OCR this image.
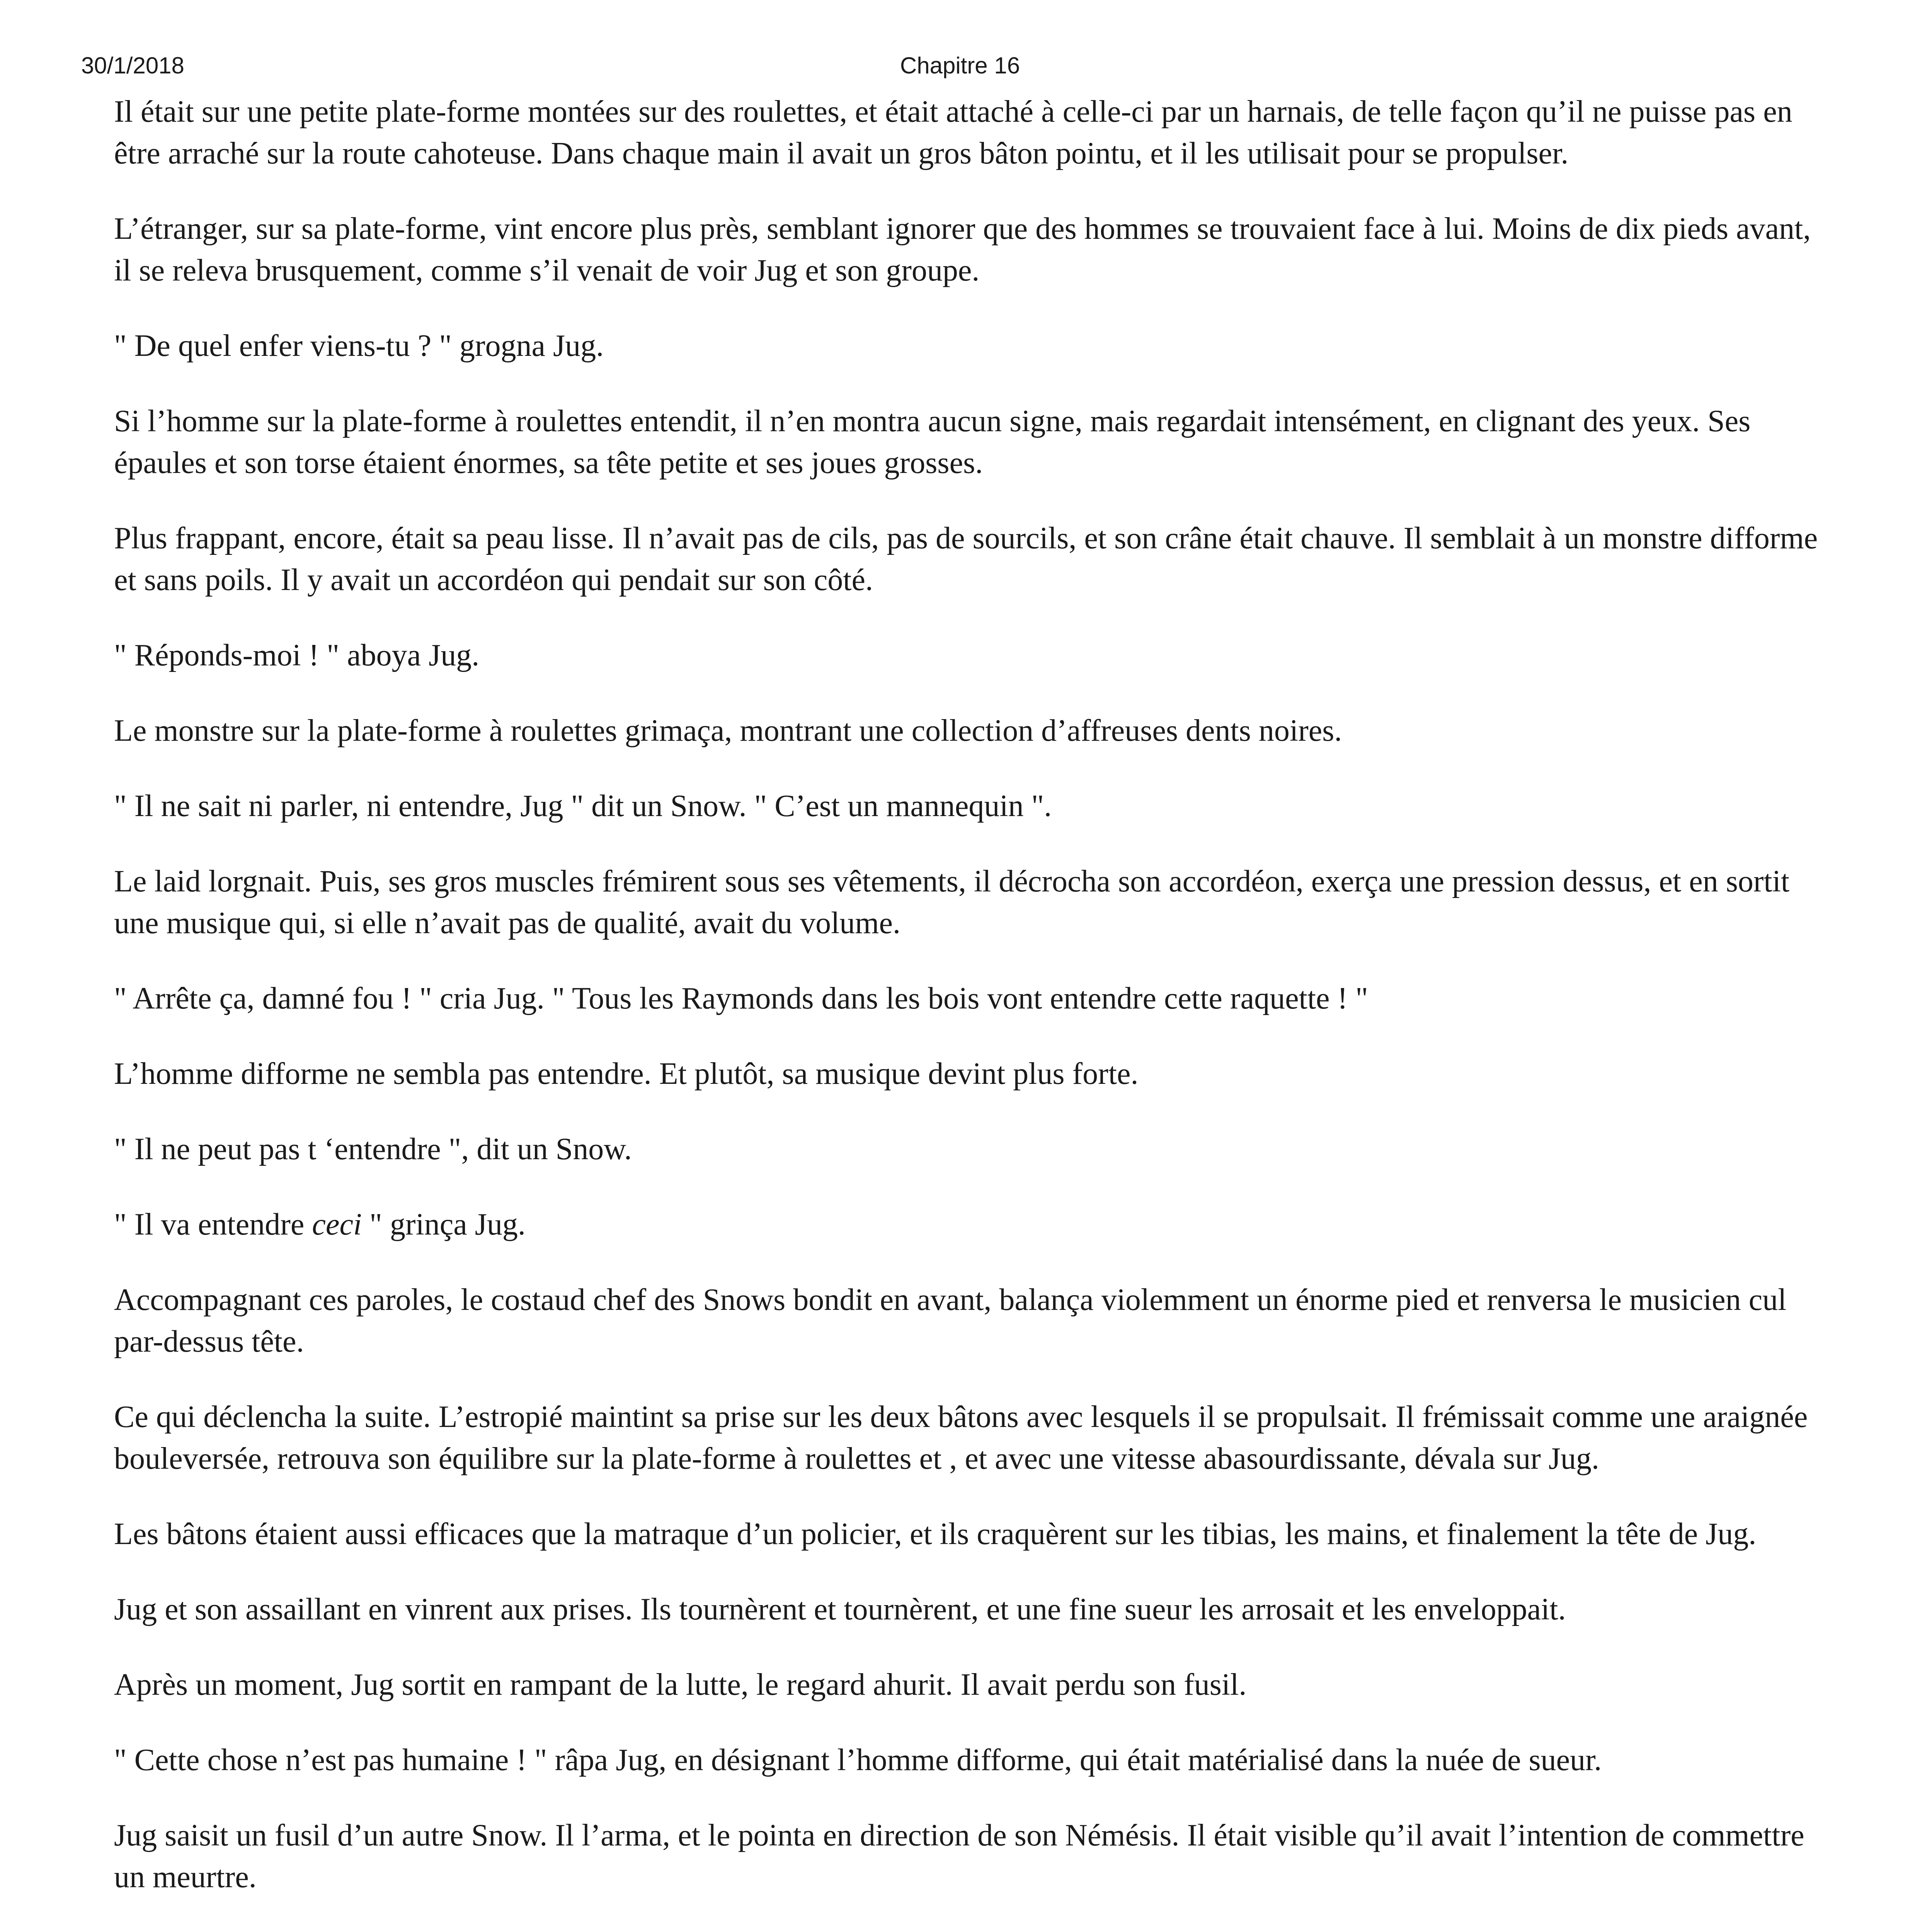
30/1/2018	Chapitre 16

Il était sur une petite plate-forme montées sur des roulettes, et était attaché à celle-ci par un harnais, de telle façon qu’il ne puisse pas en être arraché sur la route cahoteuse. Dans chaque main il avait un gros bâton pointu, et il les utilisait pour se propulser.

L’étranger, sur sa plate-forme, vint encore plus près, semblant ignorer que des hommes se trouvaient face à lui. Moins de dix pieds avant, il se releva brusquement, comme s’il venait de voir Jug et son groupe.

" De quel enfer viens-tu ? " grogna Jug.

Si l’homme sur la plate-forme à roulettes entendit, il n’en montra aucun signe, mais regardait intensément, en clignant des yeux. Ses épaules et son torse étaient énormes, sa tête petite et ses joues grosses.

Plus frappant, encore, était sa peau lisse. Il n’avait pas de cils, pas de sourcils, et son crâne était chauve. Il semblait à un monstre difforme et sans poils. Il y avait un accordéon qui pendait sur son côté.

" Réponds-moi ! " aboya Jug.

Le monstre sur la plate-forme à roulettes grimaça, montrant une collection d’affreuses dents noires.

" Il ne sait ni parler, ni entendre, Jug " dit un Snow. " C’est un mannequin ".

Le laid lorgnait. Puis, ses gros muscles frémirent sous ses vêtements, il décrocha son accordéon, exerça une pression dessus, et en sortit une musique qui, si elle n’avait pas de qualité, avait du volume.

" Arrête ça, damné fou ! " cria Jug. " Tous les Raymonds dans les bois vont entendre cette raquette ! "

L’homme difforme ne sembla pas entendre. Et plutôt, sa musique devint plus forte.

" Il ne peut pas t ‘entendre ", dit un Snow.

" Il va entendre ceci " grinça Jug.

Accompagnant ces paroles, le costaud chef des Snows bondit en avant, balança violemment un énorme pied et renversa le musicien cul par-dessus tête.

Ce qui déclencha la suite. L’estropié maintint sa prise sur les deux bâtons avec lesquels il se propulsait. Il frémissait comme une araignée bouleversée, retrouva son équilibre sur la plate-forme à roulettes et , et avec une vitesse abasourdissante, dévala sur Jug.

Les bâtons étaient aussi efficaces que la matraque d’un policier, et ils craquèrent sur les tibias, les mains, et finalement la tête de Jug.

Jug et son assaillant en vinrent aux prises. Ils tournèrent et tournèrent, et une fine sueur les arrosait et les enveloppait.

Après un moment, Jug sortit en rampant de la lutte, le regard ahurit. Il avait perdu son fusil.

" Cette chose n’est pas humaine ! " râpa Jug, en désignant l’homme difforme, qui était matérialisé dans la nuée de sueur.

Jug saisit un fusil d’un autre Snow. Il l’arma, et le pointa en direction de son Némésis. Il était visible qu’il avait l’intention de commettre un meurtre.
